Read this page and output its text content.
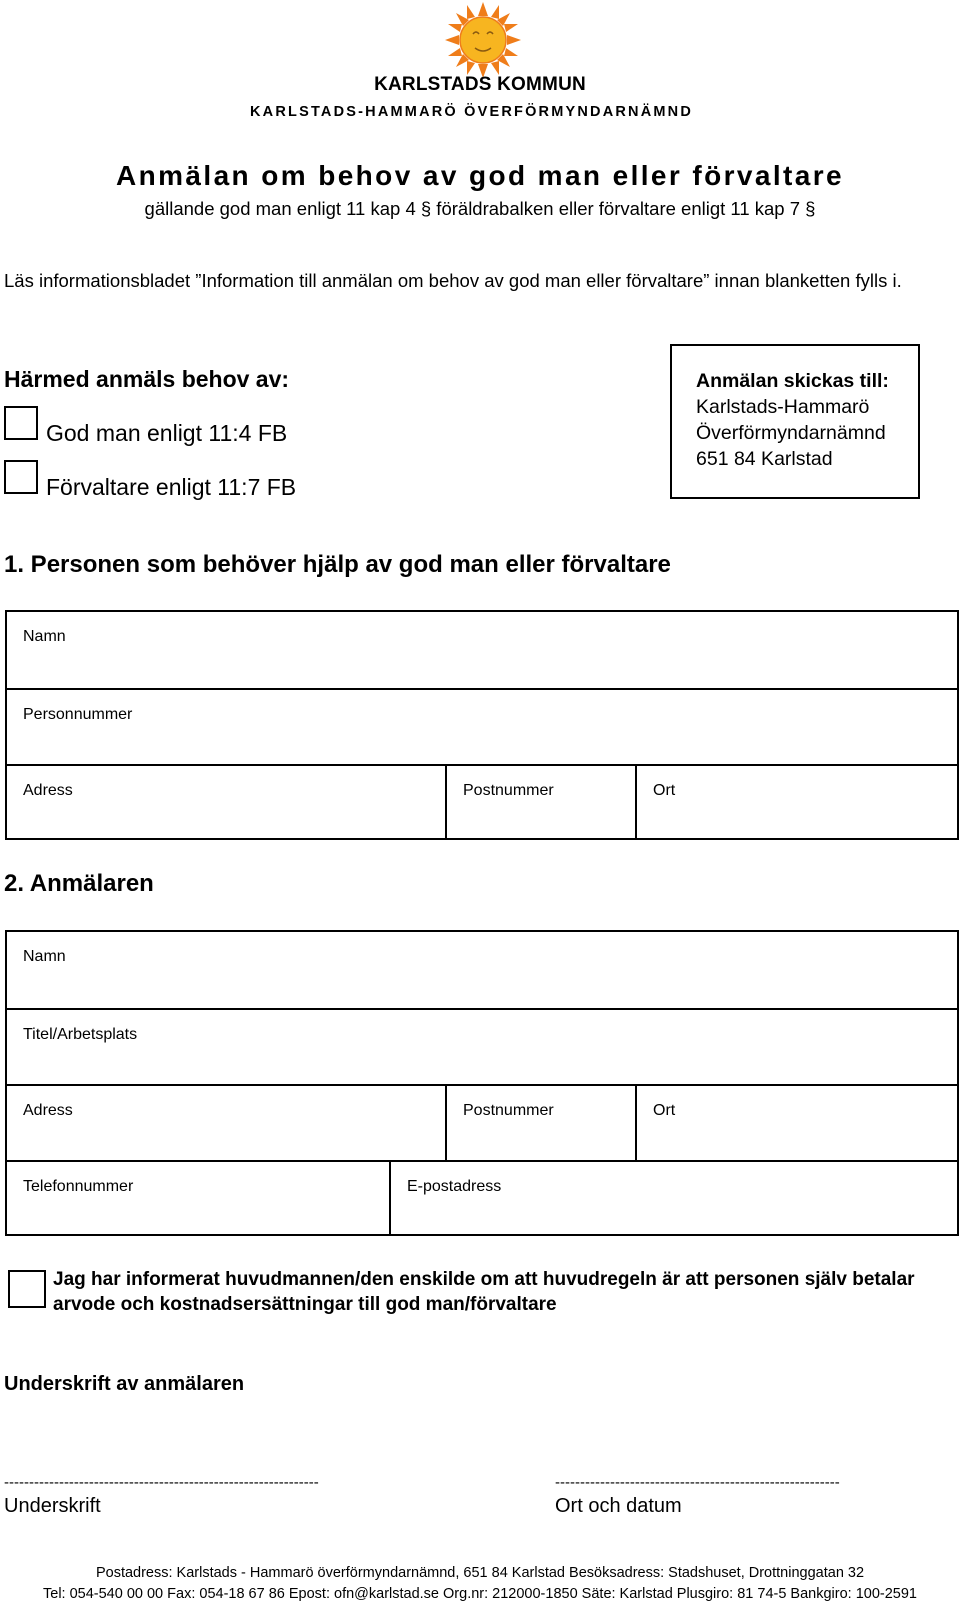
KARLSTADS KOMMUN
KARLSTADS-HAMMARÖ ÖVERFÖRMYNDARNÄMND
Anmälan om behov av god man eller förvaltare
gällande god man enligt 11 kap 4 § föräldrabalken eller förvaltare enligt 11 kap 7 §
Läs informationsbladet ”Information till anmälan om behov av god man eller förvaltare” innan blanketten fylls i.
Härmed anmäls behov av:
God man enligt 11:4 FB
Förvaltare enligt 11:7 FB
Anmälan skickas till:
Karlstads-Hammarö
Överförmyndarnämnd
651 84 Karlstad
1. Personen som behöver hjälp av god man eller förvaltare
Namn
Personnummer
Adress	Postnummer	Ort
2. Anmälaren
Namn
Titel/Arbetsplats
Adress	Postnummer	Ort
Telefonnummer	E-postadress
Jag har informerat huvudmannen/den enskilde om att huvudregeln är att personen själv betalar arvode och kostnadsersättningar till god man/förvaltare
Underskrift av anmälaren
---------------------------------------------------------------	---------------------------------------------------------
Underskrift	Ort och datum
Postadress: Karlstads - Hammarö överförmyndarnämnd, 651 84 Karlstad Besöksadress: Stadshuset, Drottninggatan 32
Tel: 054-540 00 00 Fax: 054-18 67 86 Epost: ofn@karlstad.se Org.nr: 212000-1850 Säte: Karlstad Plusgiro: 81 74-5 Bankgiro: 100-2591
